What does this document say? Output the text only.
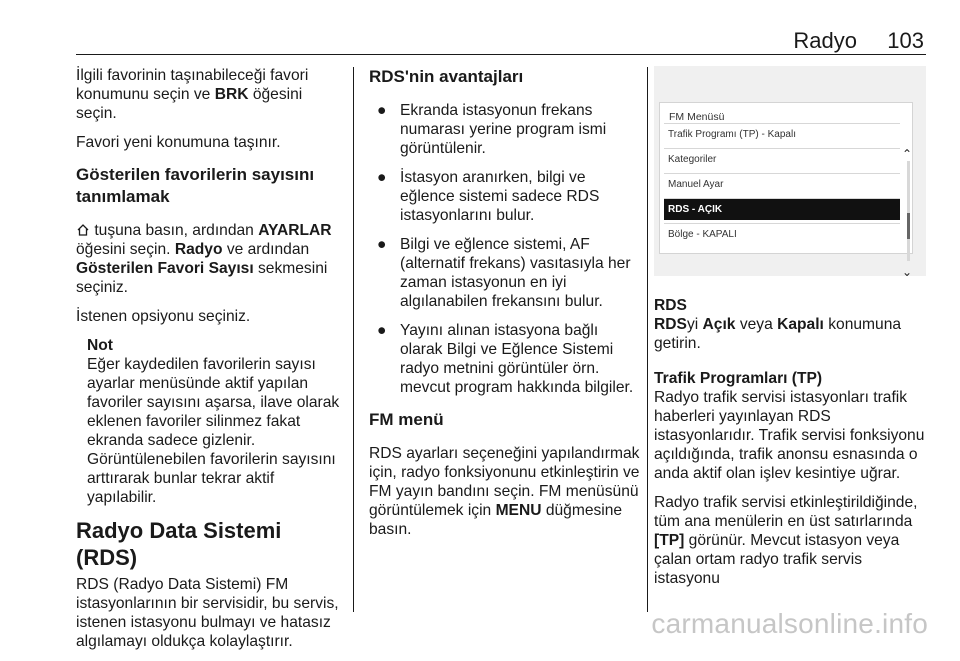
Radyo 103

İlgili favorinin taşınabileceği favori konumunu seçin ve BRK öğesini seçin.

Favori yeni konumuna taşınır.

Gösterilen favorilerin sayısını tanımlamak

tuşuna basın, ardından AYARLAR öğesini seçin. Radyo ve ardından Gösterilen Favori Sayısı sekmesini seçiniz.

İstenen opsiyonu seçiniz.

Not
Eğer kaydedilen favorilerin sayısı ayarlar menüsünde aktif yapılan favoriler sayısını aşarsa, ilave olarak eklenen favoriler silinmez fakat ekranda sadece gizlenir. Görüntülenebilen favorilerin sayısını arttırarak bunlar tekrar aktif yapılabilir.
Radyo Data Sistemi (RDS)

RDS (Radyo Data Sistemi) FM istasyonlarının bir servisidir, bu servis, istenen istasyonu bulmayı ve hatasız algılamayı oldukça kolaylaştırır.

RDS'nin avantajları
● Ekranda istasyonun frekans numarası yerine program ismi görüntülenir.
● İstasyon aranırken, bilgi ve eğlence sistemi sadece RDS istasyonlarını bulur.
● Bilgi ve eğlence sistemi, AF (alternatif frekans) vasıtasıyla her zaman istasyonun en iyi algılanabilen frekansını bulur.
● Yayını alınan istasyona bağlı olarak Bilgi ve Eğlence Sistemi radyo metnini görüntüler örn. mevcut program hakkında bilgiler.
FM menü

RDS ayarları seçeneğini yapılandırmak için, radyo fonksiyonunu etkinleştirin ve FM yayın bandını seçin. FM menüsünü görüntülemek için MENU düğmesine basın.

FM Menüsü
Trafik Programı (TP) - Kapalı
Kategoriler
Manuel Ayar
RDS - AÇIK
Bölge - KAPALI
⌃
⌄
RDS

RDSyi Açık veya Kapalı konumuna getirin.

Trafik Programları (TP)

Radyo trafik servisi istasyonları trafik haberleri yayınlayan RDS istasyonlarıdır. Trafik servisi fonksiyonu açıldığında, trafik anonsu esnasında o anda aktif olan işlev kesintiye uğrar.

Radyo trafik servisi etkinleştirildiğinde, tüm ana menülerin en üst satırlarında [TP] görünür. Mevcut istasyon veya çalan ortam radyo trafik servis istasyonu

carmanualsonline.info
